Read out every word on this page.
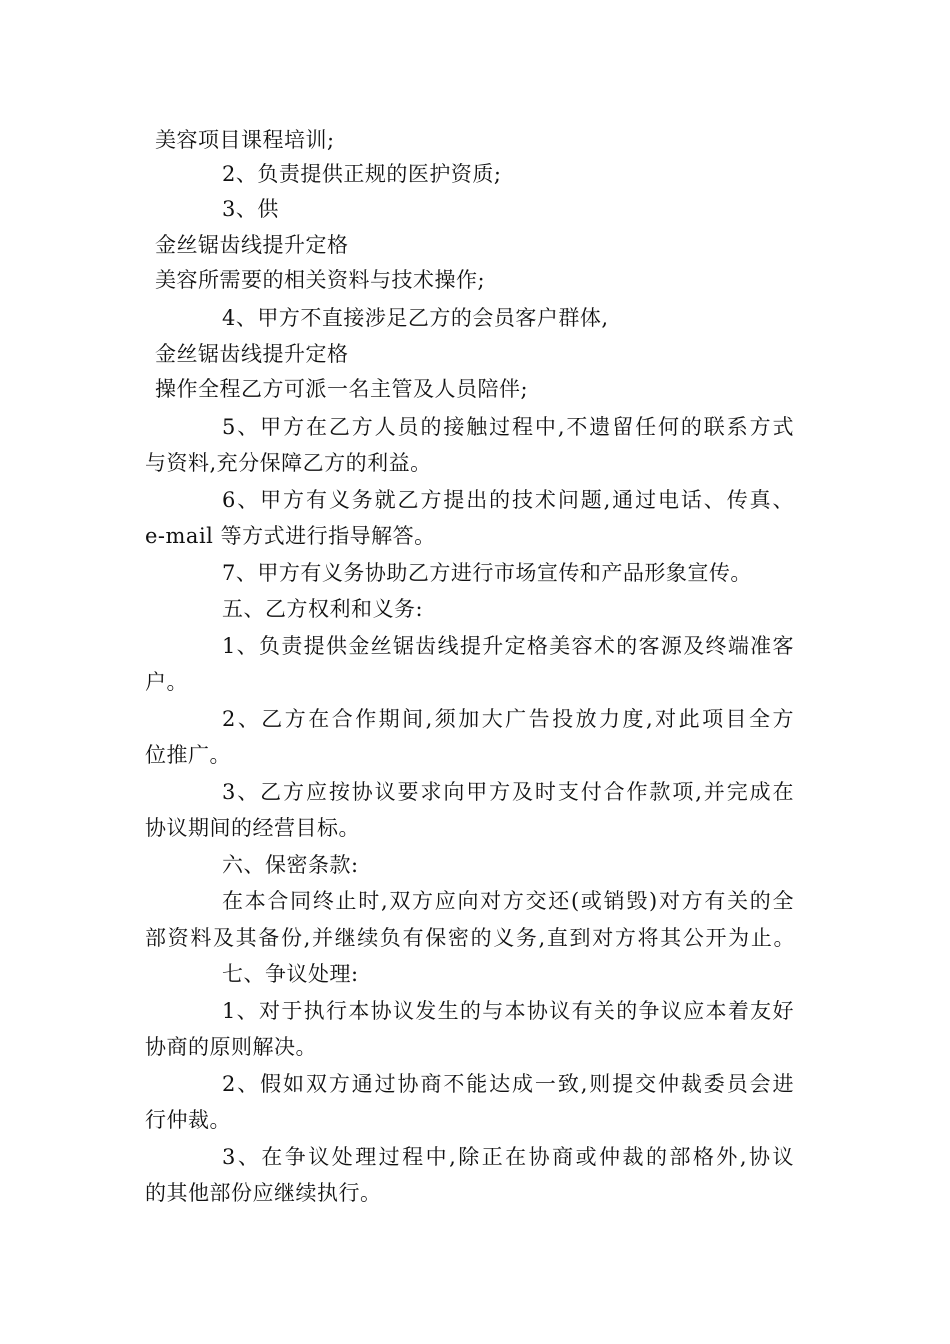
美容项目课程培训;
2、负责提供正规的医护资质;
3、供
金丝锯齿线提升定格
美容所需要的相关资料与技术操作;
4、甲方不直接涉足乙方的会员客户群体,
金丝锯齿线提升定格
操作全程乙方可派一名主管及人员陪伴;
5、甲方在乙方人员的接触过程中,不遗留任何的联系方式
与资料,充分保障乙方的利益。
6、甲方有义务就乙方提出的技术问题,通过电话、传真、
e-mail 等方式进行指导解答。
7、甲方有义务协助乙方进行市场宣传和产品形象宣传。
五、乙方权利和义务:
1、负责提供金丝锯齿线提升定格美容术的客源及终端准客
户。
2、乙方在合作期间,须加大广告投放力度,对此项目全方
位推广。
3、乙方应按协议要求向甲方及时支付合作款项,并完成在
协议期间的经营目标。
六、保密条款:
在本合同终止时,双方应向对方交还(或销毁)对方有关的全
部资料及其备份,并继续负有保密的义务,直到对方将其公开为止。
七、争议处理:
1、对于执行本协议发生的与本协议有关的争议应本着友好
协商的原则解决。
2、假如双方通过协商不能达成一致,则提交仲裁委员会进
行仲裁。
3、在争议处理过程中,除正在协商或仲裁的部格外,协议
的其他部份应继续执行。
